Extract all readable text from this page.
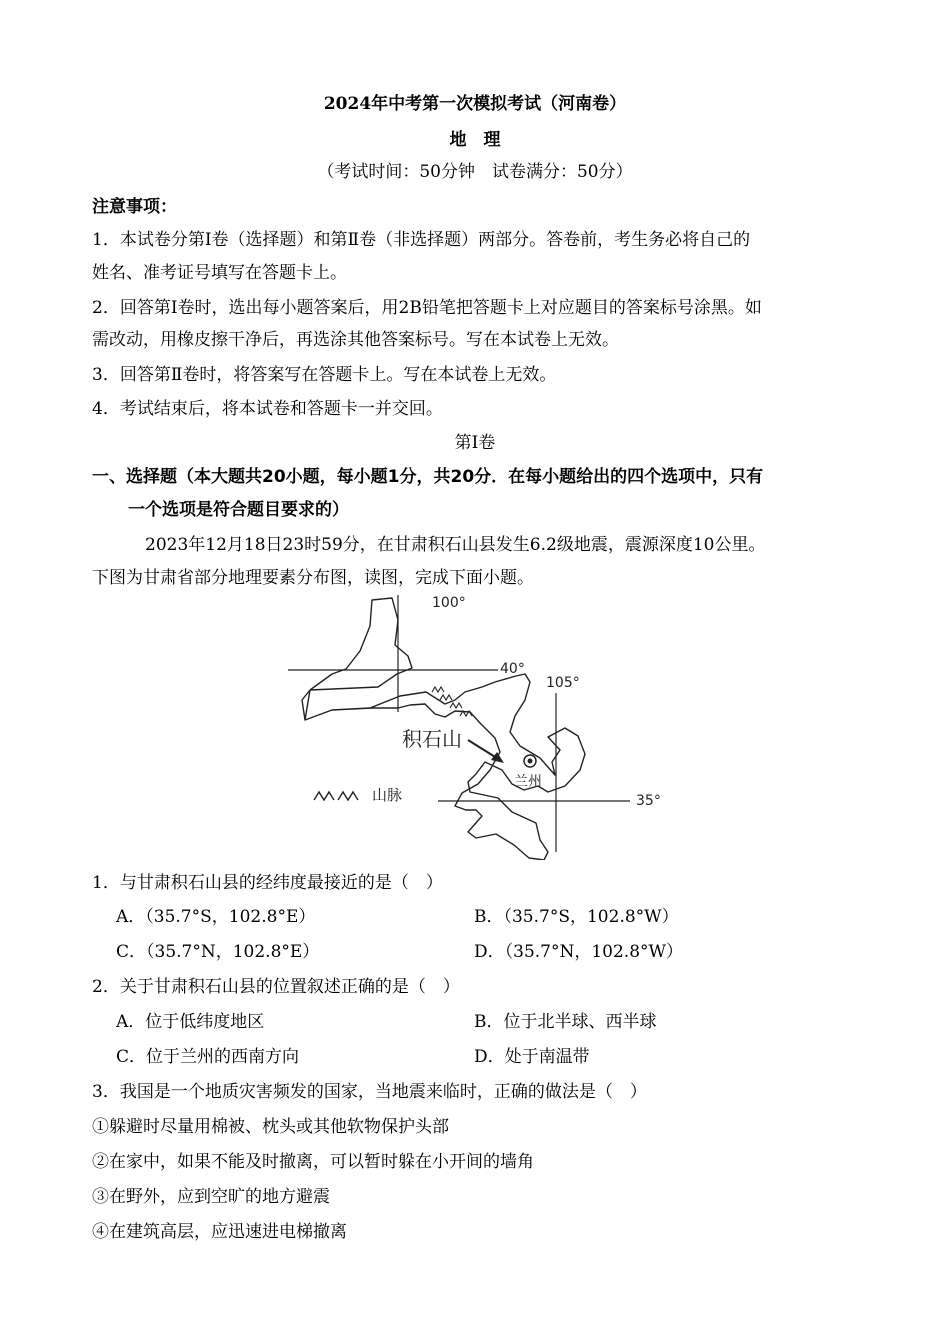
2024年中考第一次模拟考试（河南卷）
地　理
（考试时间：50分钟　试卷满分：50分）
注意事项：
1．本试卷分第Ⅰ卷（选择题）和第Ⅱ卷（非选择题）两部分。答卷前，考生务必将自己的
姓名、准考证号填写在答题卡上。
2．回答第Ⅰ卷时，选出每小题答案后，用2B铅笔把答题卡上对应题目的答案标号涂黑。如
需改动，用橡皮擦干净后，再选涂其他答案标号。写在本试卷上无效。
3．回答第Ⅱ卷时，将答案写在答题卡上。写在本试卷上无效。
4．考试结束后，将本试卷和答题卡一并交回。
第Ⅰ卷
一、选择题（本大题共20小题，每小题1分，共20分．在每小题给出的四个选项中，只有
一个选项是符合题目要求的）
2023年12月18日23时59分，在甘肃积石山县发生6.2级地震，震源深度10公里。
下图为甘肃省部分地理要素分布图，读图，完成下面小题。
100°
40°
105°
35°
积石山
兰州
山脉
1．与甘肃积石山县的经纬度最接近的是（　）
A．（35.7°S，102.8°E）	B．（35.7°S，102.8°W）
C．（35.7°N，102.8°E）	D．（35.7°N，102.8°W）
2．关于甘肃积石山县的位置叙述正确的是（　）
A．位于低纬度地区	B．位于北半球、西半球
C．位于兰州的西南方向	D．处于南温带
3．我国是一个地质灾害频发的国家，当地震来临时，正确的做法是（　）
①躲避时尽量用棉被、枕头或其他软物保护头部
②在家中，如果不能及时撤离，可以暂时躲在小开间的墙角
③在野外，应到空旷的地方避震
④在建筑高层，应迅速进电梯撤离
